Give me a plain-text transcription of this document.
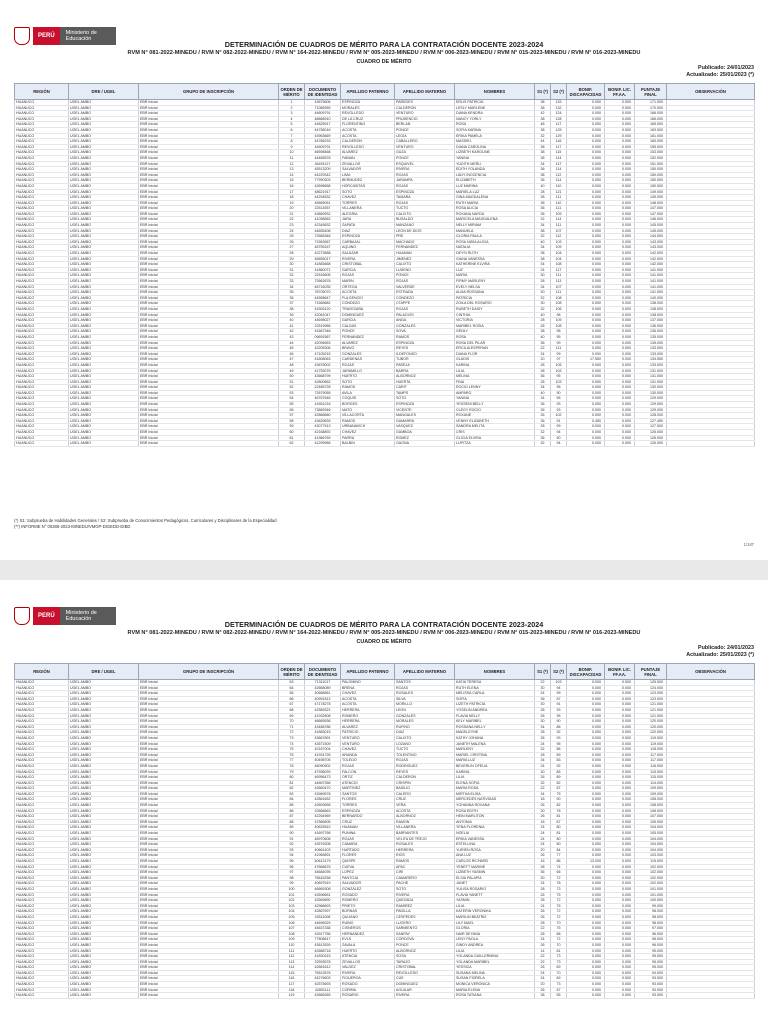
PERÚ	Ministerio de Educación
DETERMINACIÓN DE CUADROS DE MÉRITO PARA LA CONTRATACIÓN DOCENTE 2023-2024
RVM N° 081-2022-MINEDU / RVM N° 082-2022-MINEDU / RVM N° 164-2022-MINEDU / RVM N° 005-2023-MINEDU / RVM N° 006-2023-MINEDU / RVM N° 015-2023-MINEDU / RVM N° 016-2023-MINEDU
CUADRO DE MÉRITO
Publicado: 24/01/2023
Actualizado: 25/01/2023 (*)
REGIÓN	DRE / UGEL	GRUPO DE INSCRIPCIÓN	ORDEN DE MÉRITO	DOCUMENTO DE IDENTIDAD	APELLIDO PATERNO	APELLIDO MATERNO	NOMBRES	S1 (*)	S2 (*)	BONIF. DISCAPACIDAD	BONIF. LIC. FF.AA.	PUNTAJE FINAL	OBSERVACIÓN
HUANUCO	UGEL AMBO	EBR Inicial	1	43675606	ESPINOZA	PAREDES	ERLIS PATRICIA	38	133	0.000	0.000	171.000	
HUANUCO	UGEL AMBO	EBR Inicial	2	71065955	MORALES	CALDERON	LESLY MARLENE	38	132	0.000	0.000	170.000	
HUANUCO	UGEL AMBO	EBR Inicial	3	44609791	REVOLLEDO	VENTURO	DIANA KENDRA	42	124	0.000	0.000	166.000	
HUANUCO	UGEL AMBO	EBR Inicial	4	48668910	DE LA CRUZ	PRUDENCIO	NANCY YORLY	38	128	0.000	0.000	166.000	
HUANUCO	UGEL AMBO	EBR Inicial	5	44825917	FLORENTINO	BERLAN	ROSA	48	117	0.000	0.000	165.000	
HUANUCO	UGEL AMBO	EBR Inicial	6	44758016	ACOSTA	PONCE	SOFIA KARINA	38	125	0.000	0.000	163.000	
HUANUCO	UGEL AMBO	EBR Inicial	7	43963669	ACOSTA	LEGIA	ERIKA PAMELA	32	129	0.000	0.000	161.000	
HUANUCO	UGEL AMBO	EBR Inicial	8	44766233	CALDERON	CABALLERO	MASSIEL	44	116	0.000	0.000	160.000	
HUANUCO	UGEL AMBO	EBR Inicial	9	44609791	REVOLLEDO	VENTURO	DIANA CAROLINA	38	117	0.000	0.000	155.000	
HUANUCO	UGEL AMBO	EBR Inicial	10	46598468	ALVAREZ	GUZA	LIZBETH KAROLINE	38	115	0.000	0.000	153.000	
HUANUCO	UGEL AMBO	EBR Inicial	11	44465578	FABIAN	PONCE	YANINA	38	114	0.000	0.000	152.000	
HUANUCO	UGEL AMBO	EBR Inicial	12	46491127	ZEVALLOS	ESQUIVEL	YUDITH MERLI	34	117	0.000	0.000	151.000	
HUANUCO	UGEL AMBO	EBR Inicial	13	45513209	SALVADOR	RIVERA	EDITH YOLANDA	36	114	0.000	0.000	150.000	
HUANUCO	UGEL AMBO	EBR Inicial	14	44229342	LIMA	ROJAS	LADY INOCENCIA	38	112	0.000	0.000	150.000	
HUANUCO	UGEL AMBO	EBR Inicial	15	77990303	BERMUDEZ	JARAMPA	ELIZABETH	36	114	0.000	0.000	150.000	
HUANUCO	UGEL AMBO	EBR Inicial	16	42696658	HORCASITAS	ROJAS	LUZ MARINA	40	110	0.000	0.000	150.000	
HUANUCO	UGEL AMBO	EBR Inicial	17	48621917	SOTO	ESPINOZA	MARIELA LUZ	28	121	0.000	0.000	149.000	
HUANUCO	UGEL AMBO	EBR Inicial	18	44294532	CHAVEZ	TAMARA	GINA MAGDALENA	38	111	0.000	0.000	149.000	
HUANUCO	UGEL AMBO	EBR Inicial	19	45689051	TORRES	ROJAS	RUTH MARIA	38	110	0.000	0.000	148.000	
HUANUCO	UGEL AMBO	EBR Inicial	20	22514557	VILLANERA	TUCTO	ROSA ALICIA	36	111	0.000	0.000	147.000	
HUANUCO	UGEL AMBO	EBR Inicial	21	43669932	ALEGRIA	CALIXTO	ROXANA NAYDA	38	109	0.000	0.000	147.000	
HUANUCO	UGEL AMBO	EBR Inicial	22	41098562	JARA	BUSALDO	MARICELA MAGDALENA	32	114	0.000	0.000	146.000	
HUANUCO	UGEL AMBO	EBR Inicial	23	42345632	ZAPATA	MANZANO	NELLY MIRIAM	34	111	0.000	0.000	145.000	
HUANUCO	UGEL AMBO	EBR Inicial	24	44655408	DIAZ	LEON DE DIOS	MANUELA	38	107	0.000	0.000	145.000	
HUANUCO	UGEL AMBO	EBR Inicial	25	72665348	ESPINOZA	PRE	GLORIA PAULA	32	112	0.000	0.000	144.000	
HUANUCO	UGEL AMBO	EBR Inicial	26	71563567	CARBAJAL	MACHADO	ROSA NIDIA ALICIA	40	103	0.000	0.000	143.000	
HUANUCO	UGEL AMBO	EBR Inicial	27	46755167	AQUINO	FERNANDEZ	NATALIA	34	109	0.000	0.000	143.000	
HUANUCO	UGEL AMBO	EBR Inicial	28	42273688	SALAZAR	HUAMAN	DEYSI RUTH	38	104	0.000	0.000	142.000	
HUANUCO	UGEL AMBO	EBR Inicial	29	46655017	RIVERA	JIMENEZ	GIANA VANESSA	38	104	0.000	0.000	142.000	
HUANUCO	UGEL AMBO	EBR Inicial	30	41883668	CRISTOBAL	CALIXTO	KATHERINE ELVIRA	34	108	0.000	0.000	142.000	
HUANUCO	UGEL AMBO	EBR Inicial	31	41860071	GARCIA	LUDENO	LUZ	24	117	0.000	0.000	141.000	
HUANUCO	UGEL AMBO	EBR Inicial	32	22516605	ROJAS	PONCE	MARIA	30	111	0.000	0.000	141.000	
HUANUCO	UGEL AMBO	EBR Inicial	33	72662678	MARIN	ROJAS	FIRMY MARLENY	28	113	0.000	0.000	141.000	
HUANUCO	UGEL AMBO	EBR Inicial	34	46716035	ORTEGA	VALVERDE	EVELY NELSA	34	107	0.000	0.000	141.000	
HUANUCO	UGEL AMBO	EBR Inicial	35	76705070	ACOSTA	ESTRADA	ALMA ROSSANA	30	111	0.000	0.000	141.000	
HUANUCO	UGEL AMBO	EBR Inicial	36	44558647	FULGENCIO	CONDEZO	PATRICIA	32	108	0.000	0.000	140.000	
HUANUCO	UGEL AMBO	EBR Inicial	37	71565682	CONDEZO	CTAPPE	ZOILA DEL ROSARIO	30	108	0.000	0.000	138.000	
HUANUCO	UGEL AMBO	EBR Inicial	38	41505120	TRAVEZAÑA	ROJAS	RUBETH DAISY	32	106	0.000	0.000	138.000	
HUANUCO	UGEL AMBO	EBR Inicial	39	42061047	DOMINGUEZ	PALACIOS	CINTHIA	40	98	0.000	0.000	138.000	
HUANUCO	UGEL AMBO	EBR Inicial	40	44698027	GARCIA	ANGA	VICTORIA	28	109	0.000	0.000	137.000	
HUANUCO	UGEL AMBO	EBR Inicial	41	22519966	CALDAS	GONZALES	MARIBEL ROSIA	28	108	0.000	0.000	136.000	
HUANUCO	UGEL AMBO	EBR Inicial	42	41667348	PONCE	SOVA	GENLY	38	98	0.000	0.000	136.000	
HUANUCO	UGEL AMBO	EBR Inicial	43	09691567	FERNANDEZ	RAMOS	ROSA	40	95	0.000	0.000	135.000	
HUANUCO	UGEL AMBO	EBR Inicial	44	42094653	ALVAREZ	ESPINOZA	ROSA DEL PILAR	36	99	0.000	0.000	135.000	
HUANUCO	UGEL AMBO	EBR Inicial	45	42205306	BRAVO	REYES	ERCILIA ESPERAN	22	111	0.000	0.000	133.000	
HUANUCO	UGEL AMBO	EBR Inicial	46	47105215	GONZALES	ILDEFONSO	DIANA FLOR	34	99	0.000	0.000	133.000	
HUANUCO	UGEL AMBO	EBR Inicial	47	41608063	CARDENAS	TUBOR	GLADIS	20	97	17.550	0.000	134.550	
HUANUCO	UGEL AMBO	EBR Inicial	48	43676002	ROJAS	PAREJA	KARINA	28	105	0.000	0.000	133.000	
HUANUCO	UGEL AMBO	EBR Inicial	49	41753076	JARAMILLO	BARRA	LILIA	28	103	0.000	0.000	131.000	
HUANUCO	UGEL AMBO	EBR Inicial	50	43668799	HUERTO	ALBORNOZ	MELINA	36	95	0.000	0.000	131.000	
HUANUCO	UGEL AMBO	EBR Inicial	51	42800562	SOTO	HUERTA	FINA	28	103	0.000	0.000	131.000	
HUANUCO	UGEL AMBO	EBR Inicial	52	22485728	RAMOS	CARIT	ROCIO LENNY	34	96	0.000	0.000	130.000	
HUANUCO	UGEL AMBO	EBR Inicial	53	72679055	AVILA	TAMPS	AMPARO	40	90	0.000	0.000	130.000	
HUANUCO	UGEL AMBO	EBR Inicial	54	46767646	COQUIS	SOTO	YANINA	34	95	0.000	0.000	129.000	
HUANUCO	UGEL AMBO	EBR Inicial	55	41651216	BORGES	ESPINOZA	YESSENI BELLY	36	93	0.000	0.000	129.000	
HUANUCO	UGEL AMBO	EBR Inicial	56	73869346	MATO	VICENTE	CLEGY ROCIO	36	93	0.000	0.000	129.000	
HUANUCO	UGEL AMBO	EBR Inicial	57	42866660	VILLACORTA	MANGALES	ROXANE	26	102	0.000	0.000	128.000	
HUANUCO	UGEL AMBO	EBR Inicial	58	43629639	RAMOS	GAMARRA	VENNY ELIZABETH	36	91	0.450	0.000	127.450	
HUANUCO	UGEL AMBO	EBR Inicial	59	43077513	URBANAVICH	VASQUEZ	SANDRA MELITA	28	99	0.000	0.000	127.000	
HUANUCO	UGEL AMBO	EBR Inicial	60	42168892	CHAVEZ	GAMBOA	CRIS	32	94	0.000	0.000	126.000	
HUANUCO	UGEL AMBO	EBR Inicial	61	41966769	PARRA	ROMEZ	GLICIA ELVIRA	36	90	0.000	0.000	126.000	
HUANUCO	UGEL AMBO	EBR Inicial	62	41299966	BALBIN	GAONA	LUPITZA	32	94	0.000	0.000	126.000	
(*) S1: Subprueba de Habilidades Generales / S2: Subprueba de Conocimientos Pedagógicos, Curriculares y Disciplinares de la Especialidad
(**) INFORME N° 00286-2023-MINEDU/VMGP-DIGEDD-DIBD
1/187
PERÚ	Ministerio de Educación
DETERMINACIÓN DE CUADROS DE MÉRITO PARA LA CONTRATACIÓN DOCENTE 2023-2024
RVM N° 081-2022-MINEDU / RVM N° 082-2022-MINEDU / RVM N° 164-2022-MINEDU / RVM N° 005-2023-MINEDU / RVM N° 006-2023-MINEDU / RVM N° 015-2023-MINEDU / RVM N° 016-2023-MINEDU
CUADRO DE MÉRITO
Publicado: 24/01/2023
Actualizado: 25/01/2023 (*)
REGIÓN	DRE / UGEL	GRUPO DE INSCRIPCIÓN	ORDEN DE MÉRITO	DOCUMENTO DE IDENTIDAD	APELLIDO PATERNO	APELLIDO MATERNO	NOMBRES	S1 (*)	S2 (*)	BONIF. DISCAPACIDAD	BONIF. LIC. FF.AA.	PUNTAJE FINAL	OBSERVACIÓN
HUANUCO	UGEL AMBO	EBR Inicial	63	71311017	PALOMINO	SANTOS	KATIA TERESA	22	103	0.000	0.000	125.000	
HUANUCO	UGEL AMBO	EBR Inicial	64	42668089	BRENA	ROJAS	RUTH ELENA	30	94	0.000	0.000	124.000	
HUANUCO	UGEL AMBO	EBR Inicial	65	40568561	CHAVEZ	ROSALES	MELISSA CARLA	24	99	0.000	0.000	123.000	
HUANUCO	UGEL AMBO	EBR Inicial	66	40991812	ACOSTA	SILVA	SOFIA	36	87	0.000	0.000	123.000	
HUANUCO	UGEL AMBO	EBR Inicial	67	47178278	ACOSTA	MORILLO	LIZETH PATRICIA	30	91	0.000	0.000	121.000	
HUANUCO	UGEL AMBO	EBR Inicial	68	42589321	HERRERA	LEON	YOSELIN ANDREA	28	93	0.000	0.000	121.000	
HUANUCO	UGEL AMBO	EBR Inicial	69	41932608	ROMERO	GONZALES	FLAVIA NELLY	26	95	0.000	0.000	121.000	
HUANUCO	UGEL AMBO	EBR Inicial	70	46669536	HERRERA	MORALES	KELY MARIBEL	30	90	0.000	0.000	120.000	
HUANUCO	UGEL AMBO	EBR Inicial	71	43468786	ALVAREZ	RUFINO	ROSSANA NELLY	34	86	0.000	0.000	120.000	
HUANUCO	UGEL AMBO	EBR Inicial	72	41883015	PATRICIO	DIAZ	MADELEYNE	28	92	0.000	0.000	120.000	
HUANUCO	UGEL AMBO	EBR Inicial	73	43667891	VENTURO	CALIXTO	KATHY JOHANA	26	93	0.000	0.000	119.000	
HUANUCO	UGEL AMBO	EBR Inicial	74	43571509	VENTURO	LOZANO	JANETH MALENA	24	95	0.000	0.000	119.000	
HUANUCO	UGEL AMBO	EBR Inicial	75	42167004	CHAVEZ	TUCTO	MARLENY	32	86	0.000	0.000	118.000	
HUANUCO	UGEL AMBO	EBR Inicial	76	41931726	ARANDA	TOLENTINO	MARIEL CRISTINA	28	89	0.000	0.000	117.000	
HUANUCO	UGEL AMBO	EBR Inicial	77	40498705	TOLEDO	ROJAS	MARIA LUZ	34	83	0.000	0.000	117.000	
HUANUCO	UGEL AMBO	EBR Inicial	78	46090902	ROJAS	RODRIGUEZ	BEVERLIN OFELIA	24	92	0.000	0.000	116.000	
HUANUCO	UGEL AMBO	EBR Inicial	79	47936039	FALCON	REYES	KARINA	30	85	0.000	0.000	115.000	
HUANUCO	UGEL AMBO	EBR Inicial	80	46956473	ORTIZ	CALDERON	LILIA	26	89	0.000	0.000	115.000	
HUANUCO	UGEL AMBO	EBR Inicial	81	44667358	ATENCIO	CRISPIN	ELENA SOFIA	32	82	0.000	0.000	114.000	
HUANUCO	UGEL AMBO	EBR Inicial	82	42660470	MARTINEZ	BASILIO	MARIA ROSA	22	87	0.000	0.000	109.000	
HUANUCO	UGEL AMBO	EBR Inicial	83	43969578	SANTOS	CALERO	MIRTHA ELISA	34	75	0.000	0.000	109.000	
HUANUCO	UGEL AMBO	EBR Inicial	84	42861652	FLORES	CRUZ	MERCEDES NATIVIDAD	18	90	0.000	0.000	108.000	
HUANUCO	UGEL AMBO	EBR Inicial	85	42609556	TORRES	VERA	YOHANNA ROXANA	26	82	0.000	0.000	108.000	
HUANUCO	UGEL AMBO	EBR Inicial	86	22666663	ESPINOZA	ACOSTA	ROSA EDITH	30	78	0.000	0.000	108.000	
HUANUCO	UGEL AMBO	EBR Inicial	87	42264969	BERNARDO	ALBORNOZ	HEIN MARLITON	26	81	0.000	0.000	107.000	
HUANUCO	UGEL AMBO	EBR Inicial	88	47566505	CRUZ	RAMON	ANTONIA	18	87	0.000	0.000	105.000	
HUANUCO	UGEL AMBO	EBR Inicial	89	40625510	HUAMAN	VILLANERA	YENA FLORENIA	24	80	0.000	0.000	104.000	
HUANUCO	UGEL AMBO	EBR Inicial	90	41697768	PUNINA	BARRANTES	NOELIA	24	81	0.000	0.000	105.000	
HUANUCO	UGEL AMBO	EBR Inicial	91	46970608	ROJAS	VELITA DE TREJO	ERIKA VANESSA	24	80	0.000	0.000	104.000	
HUANUCO	UGEL AMBO	EBR Inicial	92	43576308	CAMARA	ROSALES	ESTELLINA	24	80	0.000	0.000	104.000	
HUANUCO	UGEL AMBO	EBR Inicial	93	40661403	HURTADO	HERRERA	YURIEN ROSA	20	84	0.000	0.000	104.000	
HUANUCO	UGEL AMBO	EBR Inicial	94	41965891	FLORES	RIOS	ANA LUZ	26	77	0.000	0.000	103.000	
HUANUCO	UGEL AMBO	EBR Inicial	95	40613179	QUISPE	RAMOS	CARLOS RICHARD	16	86	13.000	0.000	115.000	
HUANUCO	UGEL AMBO	EBR Inicial	96	47666676	CUEVA	APAC	YENETT MARINE	28	74	0.000	0.000	102.000	
HUANUCO	UGEL AMBO	EBR Inicial	97	44684095	LOPEZ	CIRI	LIZBETH YASMIN	36	66	0.000	0.000	102.000	
HUANUCO	UGEL AMBO	EBR Inicial	98	76615258	PANTOJA	CAMARERO	ELSIA PALAPIA	30	72	0.000	0.000	102.000	
HUANUCO	UGEL AMBO	EBR Inicial	99	40697619	SALVADOR	PACHE	JANET	24	78	0.000	0.000	102.000	
HUANUCO	UGEL AMBO	EBR Inicial	100	46669308	GONZALEZ	SOTO	YULISA ROSARIO	28	73	0.000	0.000	101.000	
HUANUCO	UGEL AMBO	EBR Inicial	101	42696651	ROSADO	RIVERA	FLAVIA YANETT	26	75	0.000	0.000	101.000	
HUANUCO	UGEL AMBO	EBR Inicial	102	42569890	ROMERO	QUEZADA	YASMIN	28	72	0.000	0.000	100.000	
HUANUCO	UGEL AMBO	EBR Inicial	103	42968693	PRIETO	RAMIREZ	LILIA	24	75	0.000	0.000	99.000	
HUANUCO	UGEL AMBO	EBR Inicial	104	42867697	BORNAS	PADILLA	KATERIN VERONIKA	26	72	0.000	0.000	98.000	
HUANUCO	UGEL AMBO	EBR Inicial	105	43511008	QUIJANO	CESPEDES	MARILIN BEATRIZ	26	72	0.000	0.000	98.000	
HUANUCO	UGEL AMBO	EBR Inicial	106	44696329	RUBIO	LUCERO	LILY MAEL	28	70	0.000	0.000	98.000	
HUANUCO	UGEL AMBO	EBR Inicial	107	44637338	CISNEROS	SARMIENTO	GLORIA	22	75	0.000	0.000	97.000	
HUANUCO	UGEL AMBO	EBR Inicial	108	43917766	HERNANDEZ	SANPAY	NAIR DEYANA	28	68	0.000	0.000	96.000	
HUANUCO	UGEL AMBO	EBR Inicial	109	77808617	EVLS	CORDOVA	LENY PAOLA	24	72	0.000	0.000	96.000	
HUANUCO	UGEL AMBO	EBR Inicial	110	43613539	ZAVALA	PONCE	GINDY ANDREA	26	70	0.000	0.000	96.000	
HUANUCO	UGEL AMBO	EBR Inicial	111	42688718	HUERTO	ALBORNOZ	LILIA	14	81	0.000	0.000	95.000	
HUANUCO	UGEL AMBO	EBR Inicial	112	41830315	ATENCIA	SOSA	YOLANDA GUILLERMINA	22	73	0.000	0.000	95.000	
HUANUCO	UGEL AMBO	EBR Inicial	113	22593578	ZEVALLOS	TARAZO	YOLANDA MARIBEL	22	73	0.000	0.000	95.000	
HUANUCO	UGEL AMBO	EBR Inicial	114	42661612	VALDEZ	CRISTOBAL	YESSICA	26	69	0.000	0.000	95.000	
HUANUCO	UGEL AMBO	EBR Inicial	115	76513576	RIVERA	REVOLLEDO	SUSANA MELINA	24	70	0.000	0.000	94.000	
HUANUCO	UGEL AMBO	EBR Inicial	116	44276603	FIGUEROA	CUE	SUSAN FIORELA	24	69	0.000	0.000	93.000	
HUANUCO	UGEL AMBO	EBR Inicial	117	42575693	ROSADO	DOMINGUEZ	MONICA VERONICA	20	73	0.000	0.000	93.000	
HUANUCO	UGEL AMBO	EBR Inicial	118	42891111	CORIÑA	AGUILAR	MARIA ELENA	26	67	0.000	0.000	93.000	
HUANUCO	UGEL AMBO	EBR Inicial	119	42666365	ROSARIO	RIVERA	ROSA TATIANA	38	55	0.000	0.000	93.000	
